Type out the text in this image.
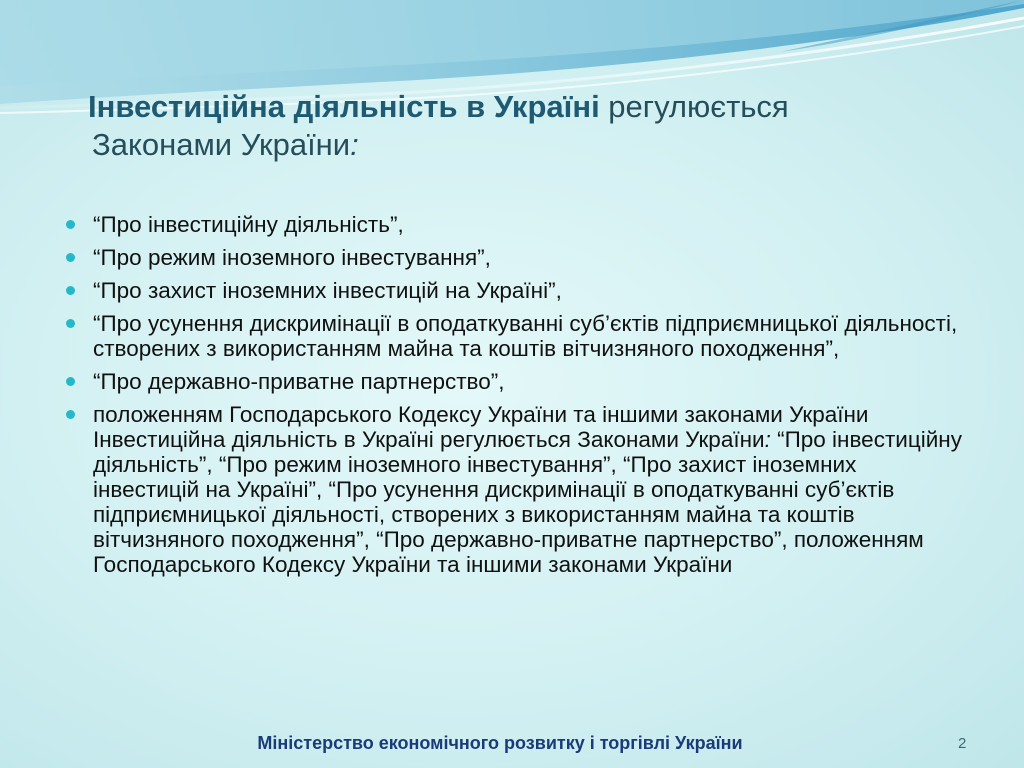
Інвестиційна діяльність в Україні регулюється
Законами України:
“Про інвестиційну діяльність”,
“Про режим іноземного інвестування”,
“Про захист іноземних інвестицій на Україні”,
“Про усунення дискримінації в оподаткуванні суб’єктів підприємницької діяльності, створених з використанням майна та коштів вітчизняного походження”,
“Про державно-приватне партнерство”,
положенням Господарського Кодексу України та іншими законами України Інвестиційна діяльність в Україні регулюється Законами України: “Про інвестиційну діяльність”, “Про режим іноземного інвестування”, “Про захист іноземних інвестицій на Україні”, “Про усунення дискримінації в оподаткуванні суб’єктів підприємницької діяльності, створених з використанням майна та коштів вітчизняного походження”, “Про державно-приватне партнерство”, положенням Господарського Кодексу України та іншими законами України
Міністерство економічного розвитку і торгівлі України	2
